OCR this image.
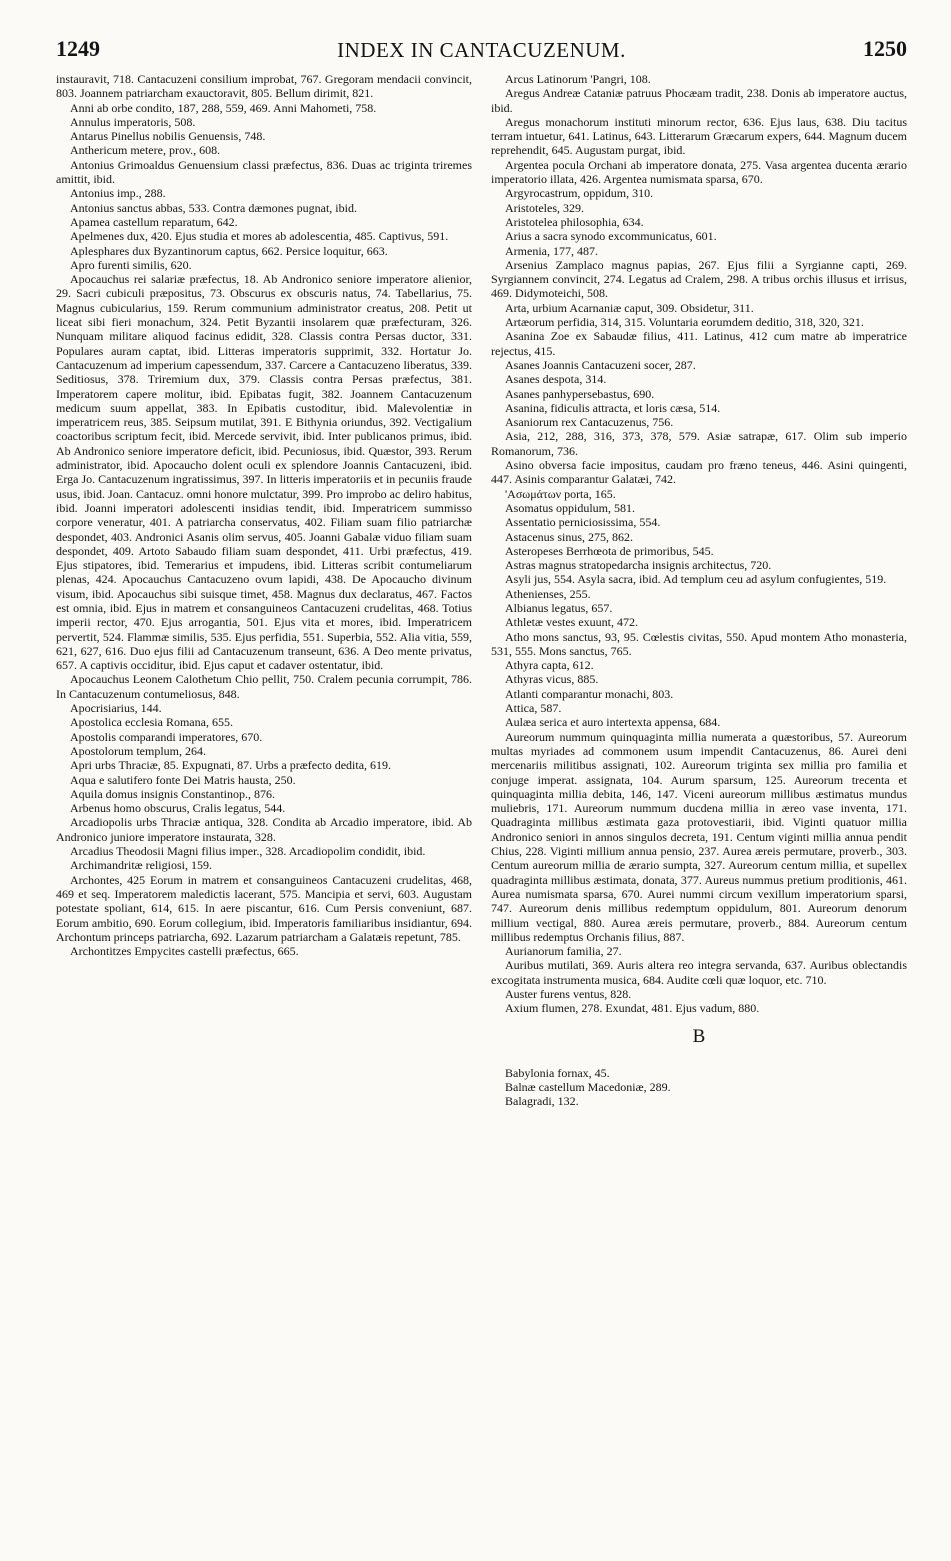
1249	INDEX IN CANTACUZENUM.	1250
instauravit, 718. Cantacuzeni consilium improbat, 767. Gregoram mendacii convincit, 803. Joannem patriarcham exauctoravit, 805. Bellum dirimit, 821.
Anni ab orbe condito, 187, 288, 559, 469. Anni Mahometi, 758.
Annulus imperatoris, 508.
Antarus Pinellus nobilis Genuensis, 748.
Anthericum metere, prov., 608.
Antonius Grimoaldus Genuensium classi præfectus, 836. Duas ac triginta triremes amittit, ibid.
Antonius imp., 288.
Antonius sanctus abbas, 533. Contra dæmones pugnat, ibid.
Apamea castellum reparatum, 642.
Apelmenes dux, 420. Ejus studia et mores ab adolescentia, 485. Captivus, 591.
Aplesphares dux Byzantinorum captus, 662. Persice loquitur, 663.
Apro furenti similis, 620.
Apocauchus rei salariæ præfectus, 18. Ab Andronico seniore imperatore alienior, 29. Sacri cubiculi præpositus, 73. Obscurus ex obscuris natus, 74. Tabellarius, 75. Magnus cubicularius, 159. Rerum communium administrator creatus, 208. Petit ut liceat sibi fieri monachum, 324. Petit Byzantii insolarem quæ præfecturam, 326. Nunquam militare aliquod facinus edidit, 328. Classis contra Persas ductor, 331. Populares auram captat, ibid. Litteras imperatoris supprimit, 332. Hortatur Jo. Cantacuzenum ad imperium capessendum, 337. Carcere a Cantacuzeno liberatus, 339. Seditiosus, 378. Triremium dux, 379. Classis contra Persas præfectus, 381. Imperatorem capere molitur, ibid. Epibatas fugit, 382. Joannem Cantacuzenum medicum suum appellat, 383. In Epibatis custoditur, ibid. Malevolentiæ in imperatricem reus, 385. Seipsum mutilat, 391. E Bithynia oriundus, 392. Vectigalium coactoribus scriptum fecit, ibid. Mercede servivit, ibid. Inter publicanos primus, ibid. Ab Andronico seniore imperatore deficit, ibid. Pecuniosus, ibid. Quæstor, 393. Rerum administrator, ibid. Apocaucho dolent oculi ex splendore Joannis Cantacuzeni, ibid. Erga Jo. Cantacuzenum ingratissimus, 397. In litteris imperatoriis et in pecuniis fraude usus, ibid. Joan. Cantacuz. omni honore mulctatur, 399. Pro improbo ac deliro habitus, ibid. Joanni imperatori adolescenti insidias tendit, ibid. Imperatricem summisso corpore veneratur, 401. A patriarcha conservatus, 402. Filiam suam filio patriarchæ despondet, 403. Andronici Asanis olim servus, 405. Joanni Gabalæ viduo filiam suam despondet, 409. Artoto Sabaudo filiam suam despondet, 411. Urbi præfectus, 419. Ejus stipatores, ibid. Temerarius et impudens, ibid. Litteras scribit contumeliarum plenas, 424. Apocauchus Cantacuzeno ovum lapidi, 438. De Apocaucho divinum visum, ibid. Apocauchus sibi suisque timet, 458. Magnus dux declaratus, 467. Factos est omnia, ibid. Ejus in matrem et consanguineos Cantacuzeni crudelitas, 468. Totius imperii rector, 470. Ejus arrogantia, 501. Ejus vita et mores, ibid. Imperatricem pervertit, 524. Flammæ similis, 535. Ejus perfidia, 551. Superbia, 552. Alia vitia, 559, 621, 627, 616. Duo ejus filii ad Cantacuzenum transeunt, 636. A Deo mente privatus, 657. A captivis occiditur, ibid. Ejus caput et cadaver ostentatur, ibid.
Apocauchus Leonem Calothetum Chio pellit, 750. Cralem pecunia corrumpit, 786. In Cantacuzenum contumeliosus, 848.
Apocrisiarius, 144.
Apostolica ecclesia Romana, 655.
Apostolis comparandi imperatores, 670.
Apostolorum templum, 264.
Apri urbs Thraciæ, 85. Expugnati, 87. Urbs a præfecto dedita, 619.
Aqua e salutifero fonte Dei Matris hausta, 250.
Aquila domus insignis Constantinop., 876.
Arbenus homo obscurus, Cralis legatus, 544.
Arcadiopolis urbs Thraciæ antiqua, 328. Condita ab Arcadio imperatore, ibid. Ab Andronico juniore imperatore instaurata, 328.
Arcadius Theodosii Magni filius imper., 328. Arcadiopolim condidit, ibid.
Archimandritæ religiosi, 159.
Archontes, 425 Eorum in matrem et consanguineos Cantacuzeni crudelitas, 468, 469 et seq. Imperatorem maledictis lacerant, 575. Mancipia et servi, 603. Augustam potestate spoliant, 614, 615. In aere piscantur, 616. Cum Persis conveniunt, 687. Eorum ambitio, 690. Eorum collegium, ibid. Imperatoris familiaribus insidiantur, 694. Archontum princeps patriarcha, 692. Lazarum patriarcham a Galatæis repetunt, 785.
Archontitzes Empycites castelli præfectus, 665.
Arcus Latinorum 'Pangri, 108.
Aregus Andreæ Cataniæ patruus Phocæam tradit, 238. Donis ab imperatore auctus, ibid.
Aregus monachorum instituti minorum rector, 636. Ejus laus, 638. Diu tacitus terram intuetur, 641. Latinus, 643. Litterarum Græcarum expers, 644. Magnum ducem reprehendit, 645. Augustam purgat, ibid.
Argentea pocula Orchani ab imperatore donata, 275. Vasa argentea ducenta ærario imperatorio illata, 426. Argentea numismata sparsa, 670.
Argyrocastrum, oppidum, 310.
Aristoteles, 329.
Aristotelea philosophia, 634.
Arius a sacra synodo excommunicatus, 601.
Armenia, 177, 487.
Arsenius Zamplaco magnus papias, 267. Ejus filii a Syrgianne capti, 269. Syrgiannem convincit, 274. Legatus ad Cralem, 298. A tribus orchis illusus et irrisus, 469. Didymoteichi, 508.
Arta, urbium Acarnaniæ caput, 309. Obsidetur, 311.
Artæorum perfidia, 314, 315. Voluntaria eorumdem deditio, 318, 320, 321.
Asanina Zoe ex Sabaudæ filius, 411. Latinus, 412 cum matre ab imperatrice rejectus, 415.
Asanes Joannis Cantacuzeni socer, 287.
Asanes despota, 314.
Asanes panhypersebastus, 690.
Asanina, fidiculis attracta, et loris cæsa, 514.
Asaniorum rex Cantacuzenus, 756.
Asia, 212, 288, 316, 373, 378, 579. Asiæ satrapæ, 617. Olim sub imperio Romanorum, 736.
Asino obversa facie impositus, caudam pro fræno teneus, 446. Asini quingenti, 447. Asinis comparantur Galatæi, 742.
'Ασωμάτων porta, 165.
Asomatus oppidulum, 581.
Assentatio perniciosissima, 554.
Astacenus sinus, 275, 862.
Asteropeses Berrhœota de primoribus, 545.
Astras magnus stratopedarcha insignis architectus, 720.
Asyli jus, 554. Asyla sacra, ibid. Ad templum ceu ad asylum confugientes, 519.
Athenienses, 255.
Albianus legatus, 657.
Athletæ vestes exuunt, 472.
Atho mons sanctus, 93, 95. Cœlestis civitas, 550. Apud montem Atho monasteria, 531, 555. Mons sanctus, 765.
Athyra capta, 612.
Athyras vicus, 885.
Atlanti comparantur monachi, 803.
Attica, 587.
Aulæa serica et auro intertexta appensa, 684.
Aureorum nummum quinquaginta millia numerata a quæstoribus, 57. Aureorum multas myriades ad commonem usum impendit Cantacuzenus, 86. Aurei deni mercenariis militibus assignati, 102. Aureorum triginta sex millia pro familia et conjuge imperat. assignata, 104. Aurum sparsum, 125. Aureorum trecenta et quinquaginta millia debita, 146, 147. Viceni aureorum millibus æstimatus mundus muliebris, 171. Aureorum nummum ducdena millia in æreo vase inventa, 171. Quadraginta millibus æstimata gaza protovestiarii, ibid. Viginti quatuor millia Andronico seniori in annos singulos decreta, 191. Centum viginti millia annua pendit Chius, 228. Viginti millium annua pensio, 237. Aurea æreis permutare, proverb., 303. Centum aureorum millia de ærario sumpta, 327. Aureorum centum millia, et supellex quadraginta millibus æstimata, donata, 377. Aureus nummus pretium proditionis, 461. Aurea numismata sparsa, 670. Aurei nummi circum vexillum imperatorium sparsi, 747. Aureorum denis millibus redemptum oppidulum, 801. Aureorum denorum millium vectigal, 880. Aurea æreis permutare, proverb., 884. Aureorum centum millibus redemptus Orchanis filius, 887.
Aurianorum familia, 27.
Auribus mutilati, 369. Auris altera reo integra servanda, 637. Auribus oblectandis excogitata instrumenta musica, 684. Audite cœli quæ loquor, etc. 710.
Auster furens ventus, 828.
Axium flumen, 278. Exundat, 481. Ejus vadum, 880.
B
Babylonia fornax, 45.
Balnæ castellum Macedoniæ, 289.
Balagradi, 132.
